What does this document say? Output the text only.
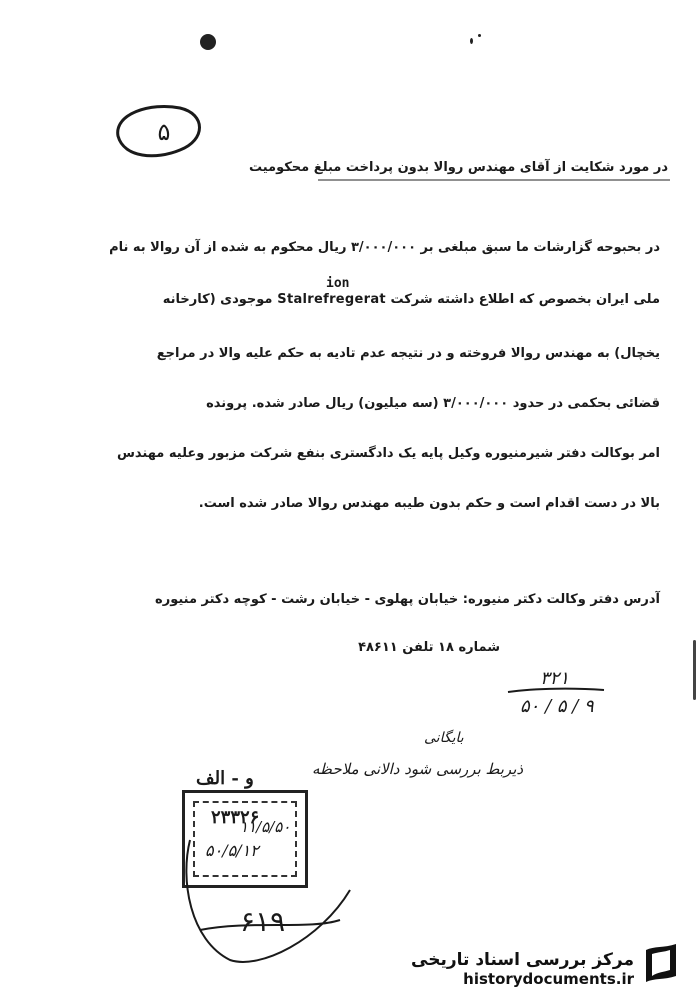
۵
در مورد شکایت از آقای مهندس روالا بدون پرداخت مبلغ محکومیت
در بحبوحه گزارشات ما سبق مبلغی بر ۳/۰۰۰/۰۰۰ ریال محکوم به شده از آن روالا به نام
ion
ملی ایران بخصوص که اطلاع داشته شرکت Stalrefregerat موجودی (کارخانه
یخچال) به مهندس روالا فروخته و در نتیجه عدم تادیه به حکم علیه والا در مراجع
قضائی بحکمی در حدود ۳/۰۰۰/۰۰۰ (سه میلیون) ریال صادر شده. پرونده
امر بوکالت دفتر شیرمنیوره وکیل پایه یک دادگستری بنفع شرکت مزبور وعلیه مهندس
بالا در دست اقدام است و حکم بدون طیبه مهندس روالا صادر شده است.
آدرس دفتر وکالت دکتر منیوره: خیابان پهلوی - خیابان رشت - کوچه دکتر منیوره
شماره ۱۸ تلفن ۴۸۶۱۱
۳۲۱
۹ / ۵ / ۵۰
بایگانی
ذیربط بررسی شود دالانی ملاحظه
و - الف
۲۳۳۲۶
۵۰/۵/۱۲
۱۱/۵/۵۰
۶۱۹
مرکز بررسی اسناد تاریخی
historydocuments.ir
